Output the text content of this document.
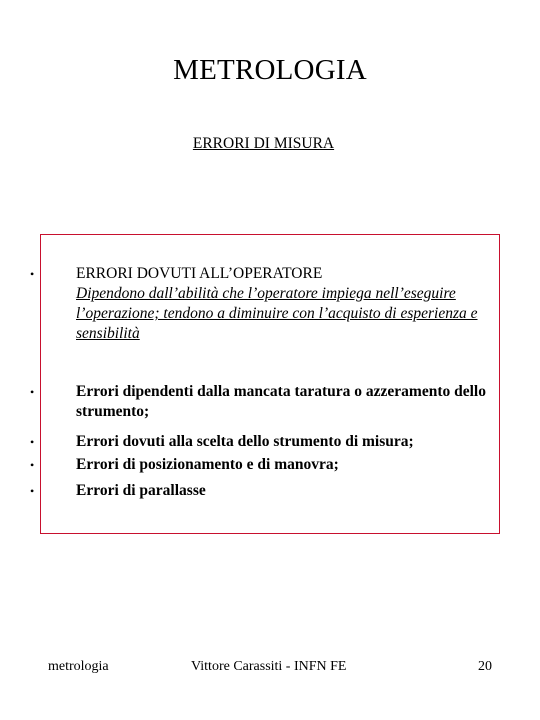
METROLOGIA
ERRORI DI MISURA
•	ERRORI DOVUTI ALL’OPERATORE
Dipendono dall’abilità che l’operatore impiega nell’eseguire l’operazione; tendono a diminuire con l’acquisto di esperienza e sensibilità
•	Errori dipendenti dalla mancata taratura o azzeramento dello strumento;
•	Errori dovuti alla scelta dello strumento di misura;
•	Errori di posizionamento e di manovra;
•	Errori di parallasse
metrologia	Vittore Carassiti - INFN FE	20
